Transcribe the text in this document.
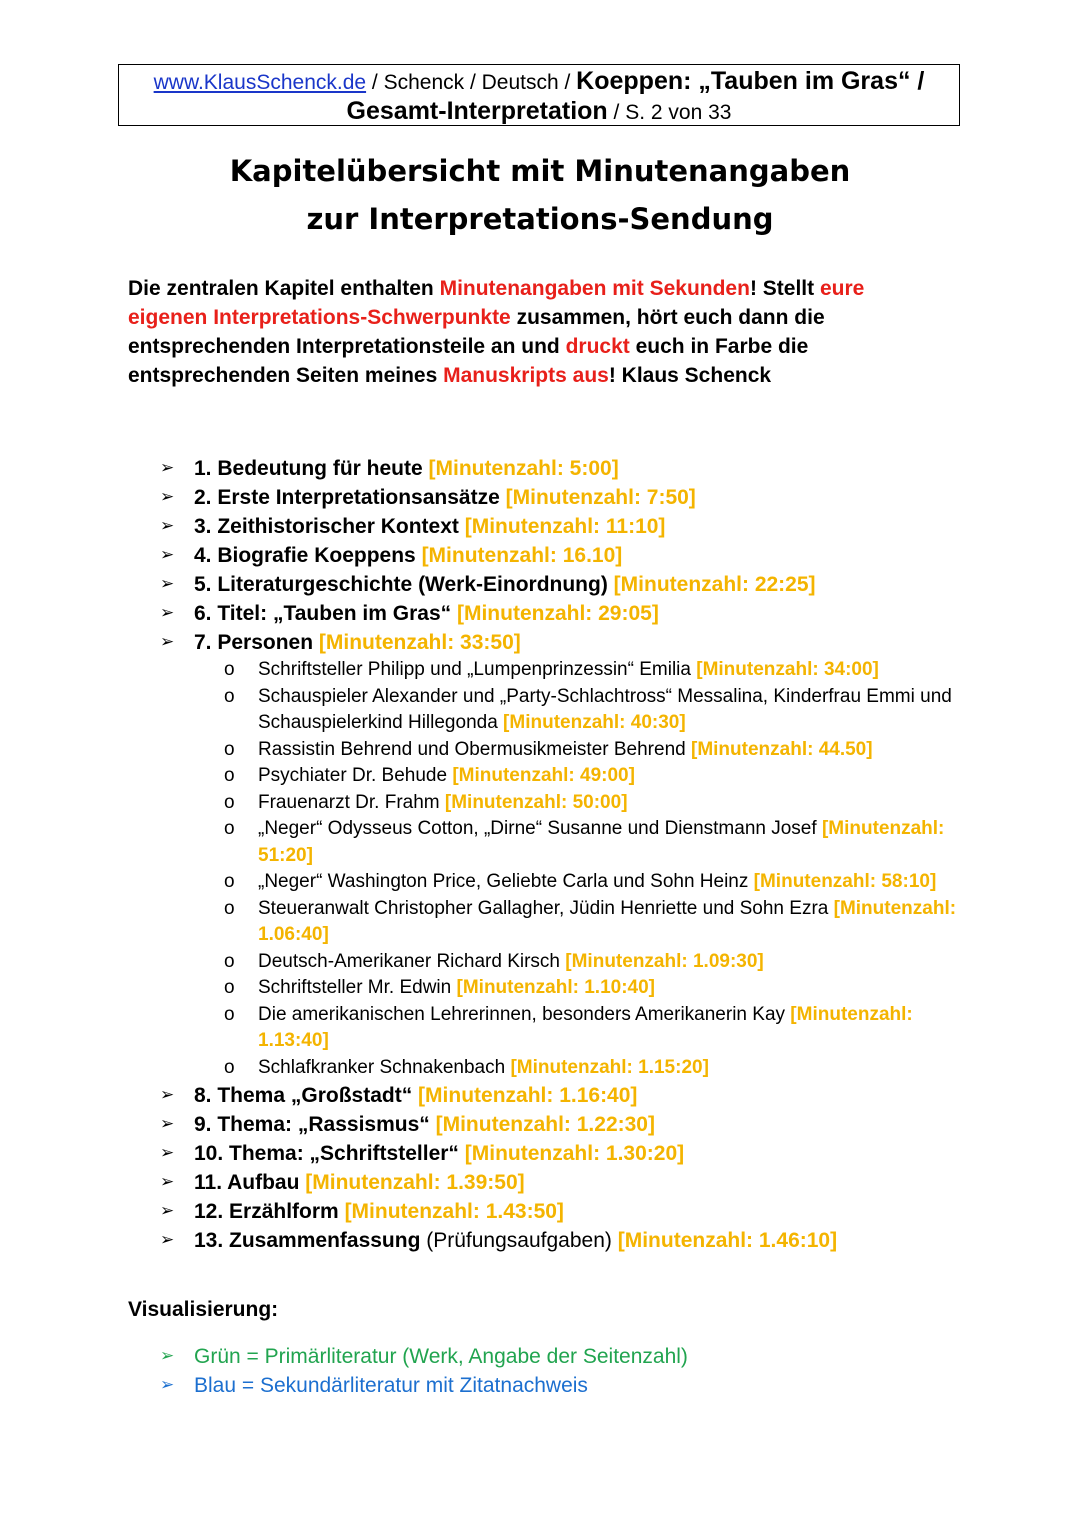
www.KlausSchenck.de / Schenck / Deutsch / Koeppen: „Tauben im Gras“ /
Gesamt-Interpretation / S. 2 von 33
Kapitelübersicht mit Minutenangaben
zur Interpretations-Sendung
Die zentralen Kapitel enthalten Minutenangaben mit Sekunden! Stellt eure eigenen Interpretations-Schwerpunkte zusammen, hört euch dann die entsprechenden Interpretationsteile an und druckt euch in Farbe die entsprechenden Seiten meines Manuskripts aus! Klaus Schenck
➢ 1. Bedeutung für heute [Minutenzahl: 5:00]
➢ 2. Erste Interpretationsansätze [Minutenzahl: 7:50]
➢ 3. Zeithistorischer Kontext [Minutenzahl: 11:10]
➢ 4. Biografie Koeppens [Minutenzahl: 16.10]
➢ 5. Literaturgeschichte (Werk-Einordnung) [Minutenzahl: 22:25]
➢ 6. Titel: „Tauben im Gras“ [Minutenzahl: 29:05]
➢ 7. Personen [Minutenzahl: 33:50]
o Schriftsteller Philipp und „Lumpenprinzessin“ Emilia [Minutenzahl: 34:00]
o Schauspieler Alexander und „Party-Schlachtross“ Messalina, Kinderfrau Emmi und Schauspielerkind Hillegonda [Minutenzahl: 40:30]
o Rassistin Behrend und Obermusikmeister Behrend [Minutenzahl: 44.50]
o Psychiater Dr. Behude [Minutenzahl: 49:00]
o Frauenarzt Dr. Frahm [Minutenzahl: 50:00]
o „Neger“ Odysseus Cotton, „Dirne“ Susanne und Dienstmann Josef [Minutenzahl: 51:20]
o „Neger“ Washington Price, Geliebte Carla und Sohn Heinz [Minutenzahl: 58:10]
o Steueranwalt Christopher Gallagher, Jüdin Henriette und Sohn Ezra [Minutenzahl: 1.06:40]
o Deutsch-Amerikaner Richard Kirsch [Minutenzahl: 1.09:30]
o Schriftsteller Mr. Edwin [Minutenzahl: 1.10:40]
o Die amerikanischen Lehrerinnen, besonders Amerikanerin Kay [Minutenzahl: 1.13:40]
o Schlafkranker Schnakenbach [Minutenzahl: 1.15:20]
➢ 8. Thema „Großstadt“ [Minutenzahl: 1.16:40]
➢ 9. Thema: „Rassismus“ [Minutenzahl: 1.22:30]
➢ 10. Thema: „Schriftsteller“ [Minutenzahl: 1.30:20]
➢ 11. Aufbau [Minutenzahl: 1.39:50]
➢ 12. Erzählform [Minutenzahl: 1.43:50]
➢ 13. Zusammenfassung (Prüfungsaufgaben) [Minutenzahl: 1.46:10]
Visualisierung:
➢ Grün = Primärliteratur (Werk, Angabe der Seitenzahl)
➢ Blau = Sekundärliteratur mit Zitatnachweis
